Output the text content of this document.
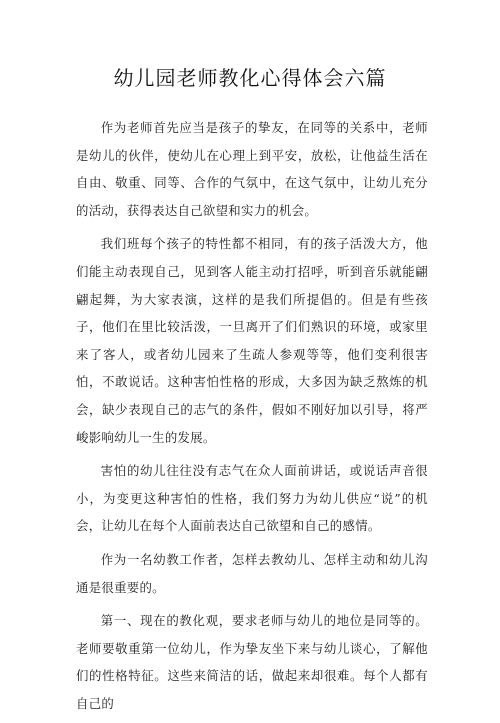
幼儿园老师教化心得体会六篇

作为老师首先应当是孩子的挚友，在同等的关系中，老师是幼儿的伙伴，使幼儿在心理上到平安，放松，让他益生活在自由、敬重、同等、合作的气氛中，在这气氛中，让幼儿充分的活动，获得表达自己欲望和实力的机会。

我们班每个孩子的特性都不相同，有的孩子活泼大方，他们能主动表现自己，见到客人能主动打招呼，听到音乐就能翩翩起舞，为大家表演，这样的是我们所提倡的。但是有些孩子，他们在里比较活泼，一旦离开了们们熟识的环境，或家里来了客人，或者幼儿园来了生疏人参观等等，他们变利很害怕，不敢说话。这种害怕性格的形成，大多因为缺乏熬炼的机会，缺少表现自己的志气的条件，假如不刚好加以引导，将严峻影响幼儿一生的发展。

害怕的幼儿往往没有志气在众人面前讲话，或说话声音很小，为变更这种害怕的性格，我们努力为幼儿供应“说”的机会，让幼儿在每个人面前表达自己欲望和自己的感情。

作为一名幼教工作者，怎样去教幼儿、怎样主动和幼儿沟通是很重要的。

第一、现在的教化观，要求老师与幼儿的地位是同等的。老师要敬重第一位幼儿，作为挚友坐下来与幼儿谈心，了解他们的性格特征。这些来简洁的话，做起来却很难。每个人都有自己的
